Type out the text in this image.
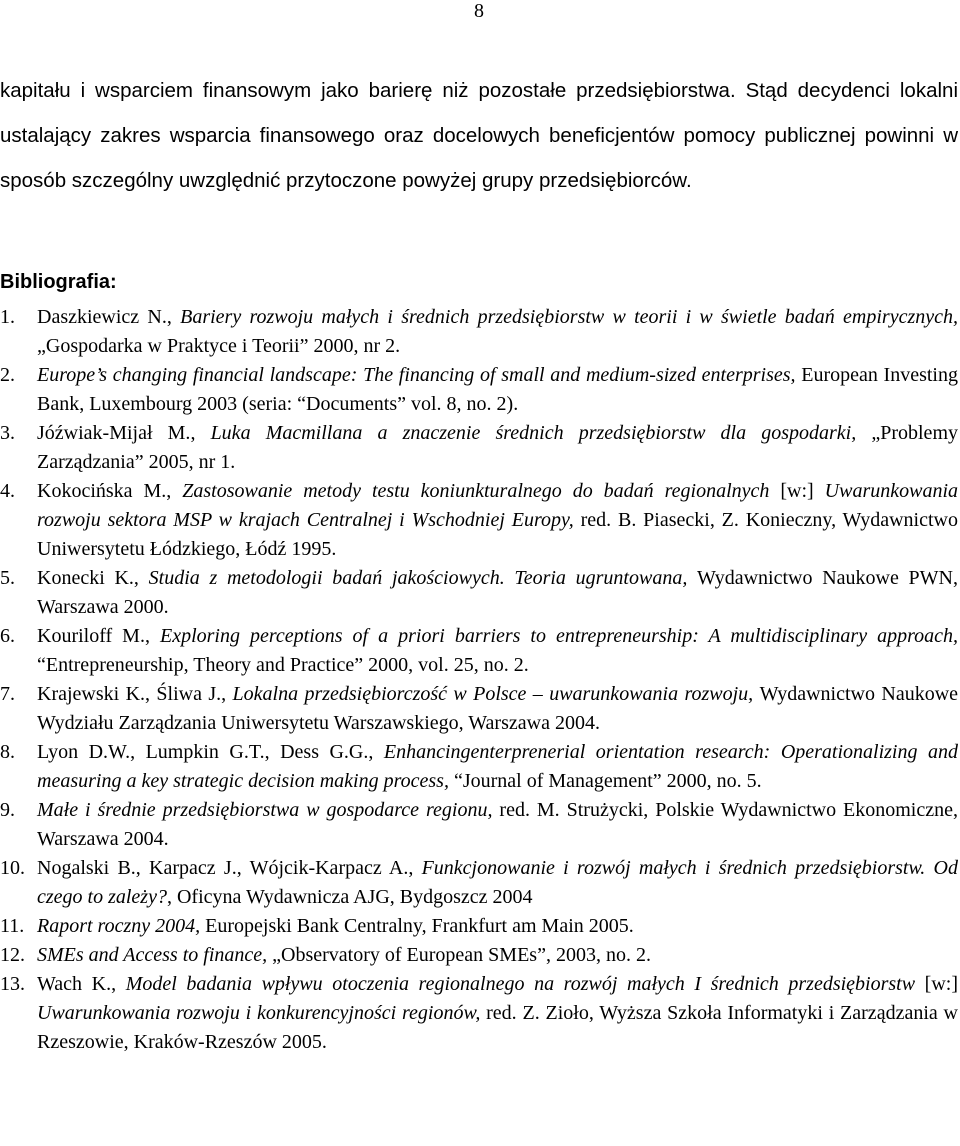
8

kapitału i wsparciem finansowym jako barierę niż pozostałe przedsiębiorstwa. Stąd decydenci lokalni ustalający zakres wsparcia finansowego oraz docelowych beneficjentów pomocy publicznej powinni w sposób szczególny uwzględnić przytoczone powyżej grupy przedsiębiorców.

Bibliografia:
1. Daszkiewicz N., Bariery rozwoju małych i średnich przedsiębiorstw w teorii i w świetle badań empirycznych, „Gospodarka w Praktyce i Teorii” 2000, nr 2.
2. Europe’s changing financial landscape: The financing of small and medium-sized enterprises, European Investing Bank, Luxembourg 2003 (seria: “Documents” vol. 8, no. 2).
3. Jóźwiak-Mijał M., Luka Macmillana a znaczenie średnich przedsiębiorstw dla gospodarki, „Problemy Zarządzania” 2005, nr 1.
4. Kokocińska M., Zastosowanie metody testu koniunkturalnego do badań regionalnych [w:] Uwarunkowania rozwoju sektora MSP w krajach Centralnej i Wschodniej Europy, red. B. Piasecki, Z. Konieczny, Wydawnictwo Uniwersytetu Łódzkiego, Łódź 1995.
5. Konecki K., Studia z metodologii badań jakościowych. Teoria ugruntowana, Wydawnictwo Naukowe PWN, Warszawa 2000.
6. Kouriloff M., Exploring perceptions of a priori barriers to entrepreneurship: A multidisciplinary approach, “Entrepreneurship, Theory and Practice” 2000, vol. 25, no. 2.
7. Krajewski K., Śliwa J., Lokalna przedsiębiorczość w Polsce – uwarunkowania rozwoju, Wydawnictwo Naukowe Wydziału Zarządzania Uniwersytetu Warszawskiego, Warszawa 2004.
8. Lyon D.W., Lumpkin G.T., Dess G.G., Enhancingenterprenerial orientation research: Operationalizing and measuring a key strategic decision making process, “Journal of Management” 2000, no. 5.
9. Małe i średnie przedsiębiorstwa w gospodarce regionu, red. M. Strużycki, Polskie Wydawnictwo Ekonomiczne, Warszawa 2004.
10. Nogalski B., Karpacz J., Wójcik-Karpacz A., Funkcjonowanie i rozwój małych i średnich przedsiębiorstw. Od czego to zależy?, Oficyna Wydawnicza AJG, Bydgoszcz 2004
11. Raport roczny 2004, Europejski Bank Centralny, Frankfurt am Main 2005.
12. SMEs and Access to finance, „Observatory of European SMEs”, 2003, no. 2.
13. Wach K., Model badania wpływu otoczenia regionalnego na rozwój małych I średnich przedsiębiorstw [w:] Uwarunkowania rozwoju i konkurencyjności regionów, red. Z. Zioło, Wyższa Szkoła Informatyki i Zarządzania w Rzeszowie, Kraków-Rzeszów 2005.
